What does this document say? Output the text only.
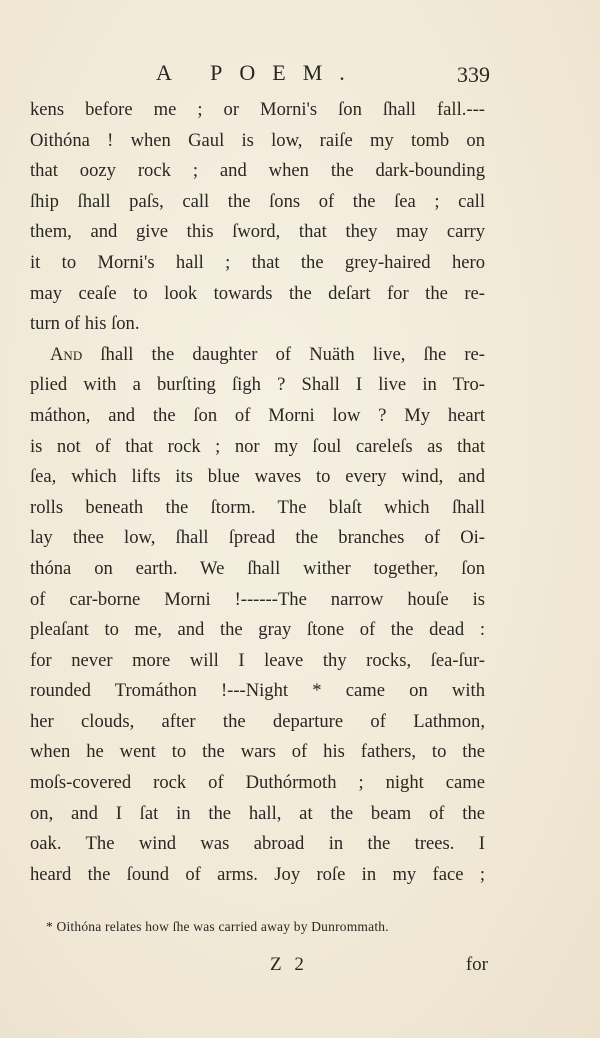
A POEM.	339
kens before me ; or Morni's ſon ſhall fall.---
Oithóna ! when Gaul is low, raiſe my tomb on
that oozy rock ; and when the dark-bounding
ſhip ſhall paſs, call the ſons of the ſea ; call
them, and give this ſword, that they may carry
it to Morni's hall ; that the grey-haired hero
may ceaſe to look towards the deſart for the re-
turn of his ſon.
And ſhall the daughter of Nuäth live, ſhe re-
plied with a burſting ſigh ? Shall I live in Tro-
máthon, and the ſon of Morni low ? My heart
is not of that rock ; nor my ſoul careleſs as that
ſea, which lifts its blue waves to every wind, and
rolls beneath the ſtorm. The blaſt which ſhall
lay thee low, ſhall ſpread the branches of Oi-
thóna on earth. We ſhall wither together, ſon
of car-borne Morni !------The narrow houſe is
pleaſant to me, and the gray ſtone of the dead :
for never more will I leave thy rocks, ſea-ſur-
rounded Tromáthon !---Night * came on with
her clouds, after the departure of Lathmon,
when he went to the wars of his fathers, to the
moſs-covered rock of Duthórmoth ; night came
on, and I ſat in the hall, at the beam of the
oak. The wind was abroad in the trees. I
heard the ſound of arms. Joy roſe in my face ;
* Oithóna relates how ſhe was carried away by Dunrommath.
Z 2	for
